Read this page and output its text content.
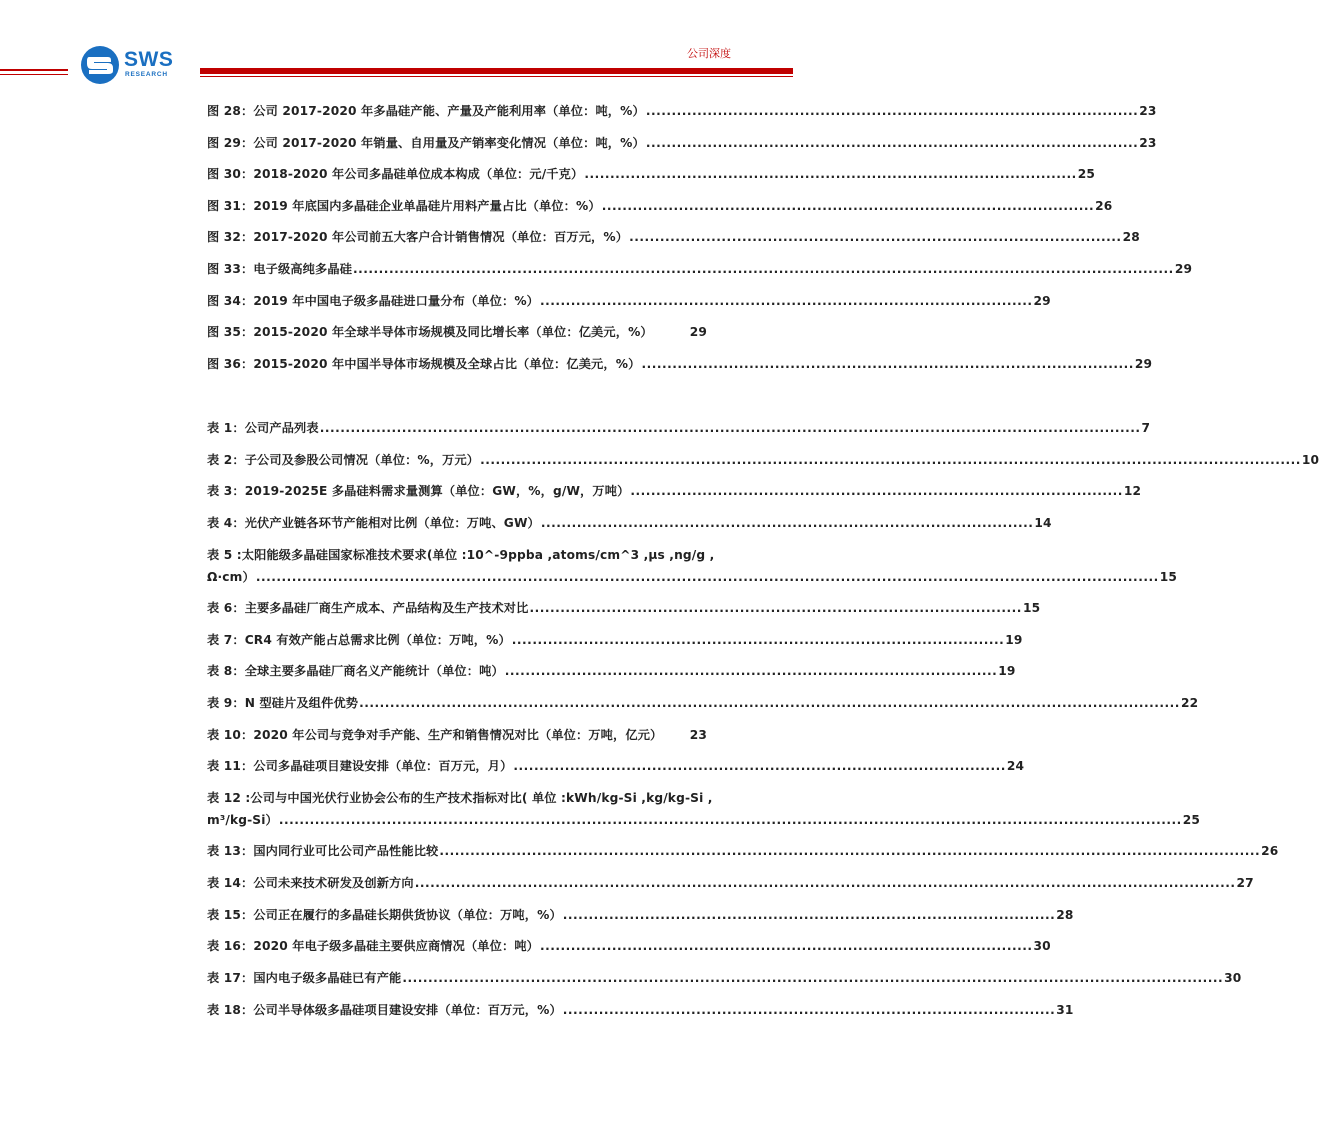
SWS
RESEARCH
公司深度
图 28：公司 2017-2020 年多晶硅产能、产量及产能利用率（单位：吨，%） ................................................................................................ 23
图 29：公司 2017-2020 年销量、自用量及产销率变化情况（单位：吨，%） ................................................................................................ 23
图 30：2018-2020 年公司多晶硅单位成本构成（单位：元/千克） ................................................................................................ 25
图 31：2019 年底国内多晶硅企业单晶硅片用料产量占比（单位：%） ................................................................................................ 26
图 32：2017-2020 年公司前五大客户合计销售情况（单位：百万元，%） ................................................................................................ 28
图 33：电子级高纯多晶硅 ................................................................................................................................................................ 29
图 34：2019 年中国电子级多晶硅进口量分布（单位：%） ................................................................................................ 29
图 35：2015-2020 年全球半导体市场规模及同比增长率（单位：亿美元，%）	29
图 36：2015-2020 年中国半导体市场规模及全球占比（单位：亿美元，%） ................................................................................................ 29
表 1：公司产品列表 ................................................................................................................................................................ 7
表 2：子公司及参股公司情况（单位：%，万元） ................................................................................................................................................................ 10
表 3：2019-2025E 多晶硅料需求量测算（单位：GW，%，g/W，万吨） ................................................................................................ 12
表 4：光伏产业链各环节产能相对比例（单位：万吨、GW） ................................................................................................ 14
表 5 :太阳能级多晶硅国家标准技术要求(单位 :10^-9ppba ,atoms/cm^3 ,μs ,ng/g ,
Ω·cm） ................................................................................................................................................................................ 15
表 6：主要多晶硅厂商生产成本、产品结构及生产技术对比 ................................................................................................ 15
表 7：CR4 有效产能占总需求比例（单位：万吨，%） ................................................................................................ 19
表 8：全球主要多晶硅厂商名义产能统计（单位：吨） ................................................................................................ 19
表 9：N 型硅片及组件优势 ................................................................................................................................................................ 22
表 10：2020 年公司与竞争对手产能、生产和销售情况对比（单位：万吨，亿元） 23
表 11：公司多晶硅项目建设安排（单位：百万元，月） ................................................................................................ 24
表 12 :公司与中国光伏行业协会公布的生产技术指标对比( 单位 :kWh/kg-Si ,kg/kg-Si ,
m³/kg-Si） ................................................................................................................................................................................ 25
表 13：国内同行业可比公司产品性能比较 ................................................................................................................................................................ 26
表 14：公司未来技术研发及创新方向 ................................................................................................................................................................ 27
表 15：公司正在履行的多晶硅长期供货协议（单位：万吨，%） ................................................................................................ 28
表 16：2020 年电子级多晶硅主要供应商情况（单位：吨） ................................................................................................ 30
表 17：国内电子级多晶硅已有产能 ................................................................................................................................................................ 30
表 18：公司半导体级多晶硅项目建设安排（单位：百万元，%） ................................................................................................ 31
